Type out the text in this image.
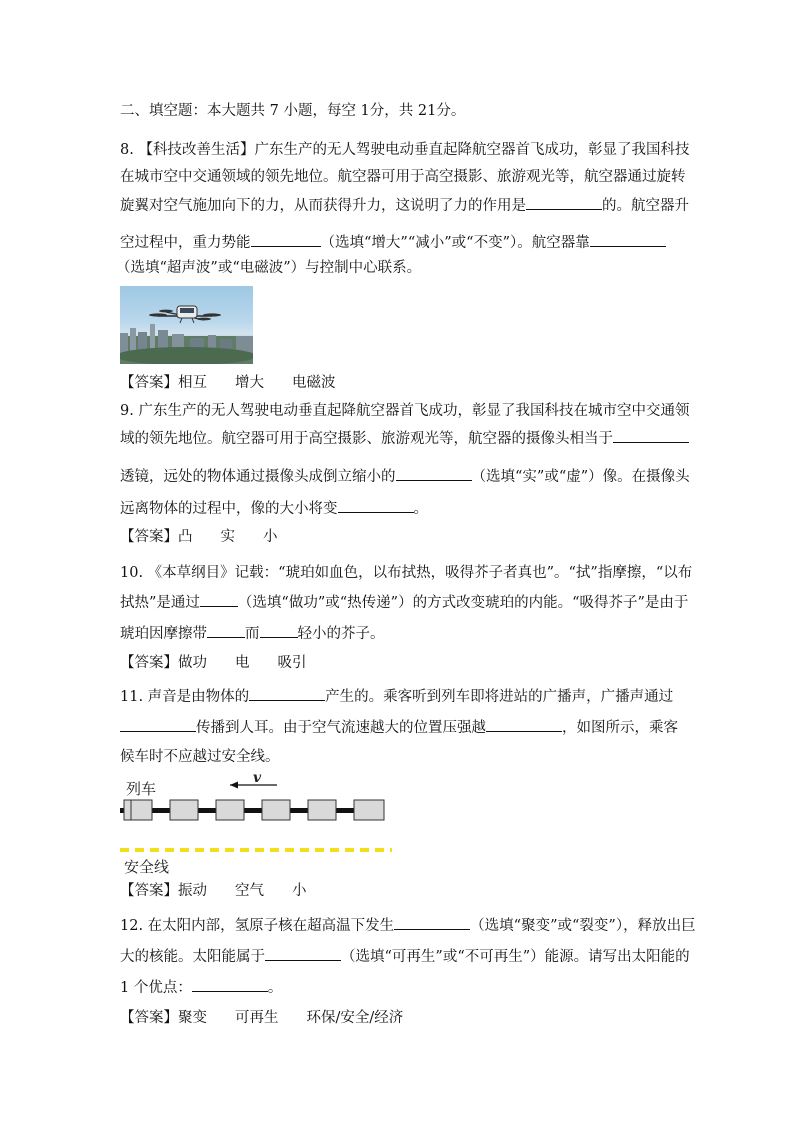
二、填空题：本大题共 7 小题，每空 1分，共 21分。
8. 【科技改善生活】广东生产的无人驾驶电动垂直起降航空器首飞成功，彰显了我国科技
在城市空中交通领域的领先地位。航空器可用于高空摄影、旅游观光等，航空器通过旋转
旋翼对空气施加向下的力，从而获得升力，这说明了力的作用是	的。航空器升
空过程中，重力势能	（选填“增大”“减小”或“不变”）。航空器靠
（选填“超声波”或“电磁波”）与控制中心联系。
【答案】相互 增大 电磁波
9. 广东生产的无人驾驶电动垂直起降航空器首飞成功，彰显了我国科技在城市空中交通领
域的领先地位。航空器可用于高空摄影、旅游观光等，航空器的摄像头相当于
透镜，远处的物体通过摄像头成倒立缩小的	（选填“实”或“虚”）像。在摄像头
远离物体的过程中，像的大小将变	。
【答案】凸 实 小
10. 《本草纲目》记载：“琥珀如血色，以布拭热，吸得芥子者真也”。“拭”指摩擦，“以布
拭热”是通过	（选填“做功”或“热传递”）的方式改变琥珀的内能。“吸得芥子”是由于
琥珀因摩擦带	而	轻小的芥子。
【答案】做功 电 吸引
11. 声音是由物体的	产生的。乘客听到列车即将进站的广播声，广播声通过
传播到人耳。由于空气流速越大的位置压强越	，如图所示，乘客
候车时不应越过安全线。
列车
v
安全线
【答案】振动 空气 小
12. 在太阳内部，氢原子核在超高温下发生	（选填“聚变”或“裂变”），释放出巨
大的核能。太阳能属于	（选填“可再生”或“不可再生”）能源。请写出太阳能的
1 个优点：	。
【答案】聚变 可再生 环保/安全/经济
